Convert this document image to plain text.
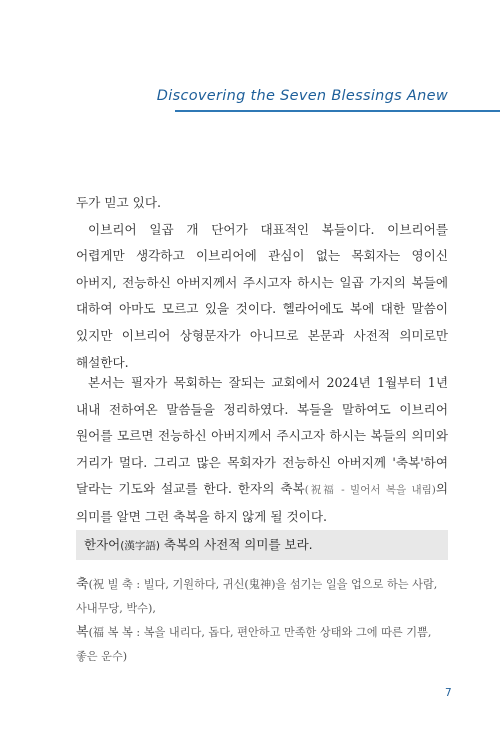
Discovering the Seven Blessings Anew

두가 믿고 있다.

이브리어 일곱 개 단어가 대표적인 복들이다. 이브리어를 어렵게만 생각하고 이브리어에 관심이 없는 목회자는 영이신 아버지, 전능하신 아버지께서 주시고자 하시는 일곱 가지의 복들에 대하여 아마도 모르고 있을 것이다. 헬라어에도 복에 대한 말씀이 있지만 이브리어 상형문자가 아니므로 본문과 사전적 의미로만 해설한다.

본서는 필자가 목회하는 잘되는 교회에서 2024년 1월부터 1년 내내 전하여온 말씀들을 정리하였다. 복들을 말하여도 이브리어 원어를 모르면 전능하신 아버지께서 주시고자 하시는 복들의 의미와 거리가 멀다. 그리고 많은 목회자가 전능하신 아버지께 '축복'하여 달라는 기도와 설교를 한다. 한자의 축복(祝福 - 빌어서 복을 내림)의 의미를 알면 그런 축복을 하지 않게 될 것이다.

한자어(漢字語) 축복의 사전적 의미를 보라.
축(祝 빌 축 : 빌다, 기원하다, 귀신(鬼神)을 섬기는 일을 업으로 하는 사람, 사내무당, 박수),
복(福 복 복 : 복을 내리다, 돕다, 편안하고 만족한 상태와 그에 따른 기쁨, 좋은 운수)
7
